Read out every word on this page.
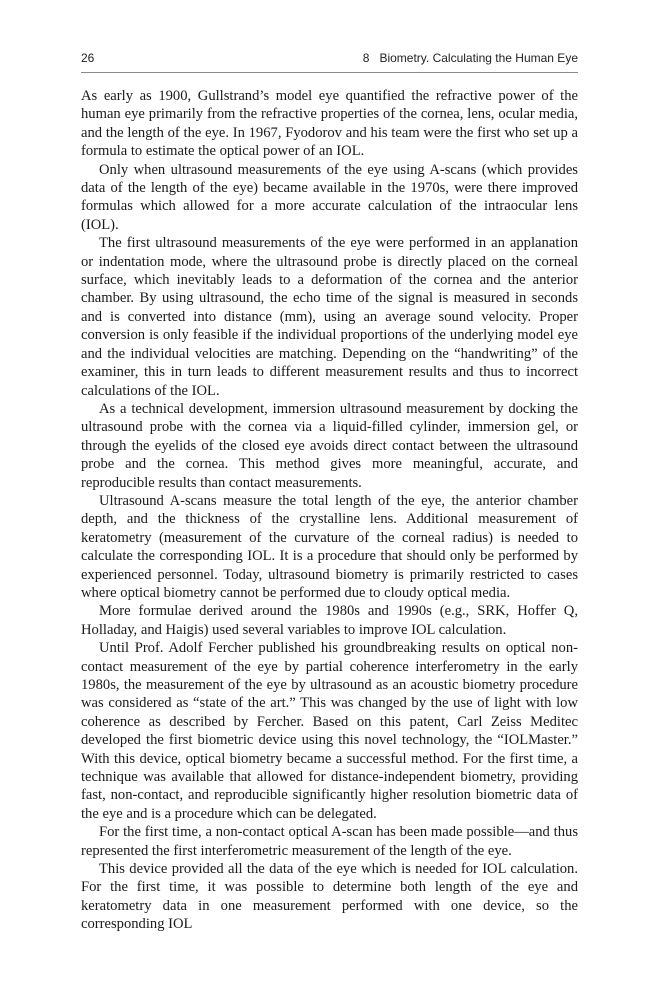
26	8 Biometry. Calculating the Human Eye

As early as 1900, Gullstrand’s model eye quantified the refractive power of the human eye primarily from the refractive properties of the cornea, lens, ocular media, and the length of the eye. In 1967, Fyodorov and his team were the first who set up a formula to estimate the optical power of an IOL.

Only when ultrasound measurements of the eye using A-scans (which provides data of the length of the eye) became available in the 1970s, were there improved formulas which allowed for a more accurate calculation of the intraocular lens (IOL).

The first ultrasound measurements of the eye were performed in an applanation or indentation mode, where the ultrasound probe is directly placed on the corneal surface, which inevitably leads to a deformation of the cornea and the anterior chamber. By using ultrasound, the echo time of the signal is measured in seconds and is converted into distance (mm), using an average sound velocity. Proper conversion is only feasible if the individual proportions of the underlying model eye and the individual velocities are matching. Depending on the “handwriting” of the examiner, this in turn leads to different measurement results and thus to incorrect calculations of the IOL.

As a technical development, immersion ultrasound measurement by docking the ultrasound probe with the cornea via a liquid-filled cylinder, immersion gel, or through the eyelids of the closed eye avoids direct contact between the ultrasound probe and the cornea. This method gives more meaningful, accurate, and reproducible results than contact measurements.

Ultrasound A-scans measure the total length of the eye, the anterior chamber depth, and the thickness of the crystalline lens. Additional measurement of keratometry (measurement of the curvature of the corneal radius) is needed to calculate the corresponding IOL. It is a procedure that should only be performed by experienced personnel. Today, ultrasound biometry is primarily restricted to cases where optical biometry cannot be performed due to cloudy optical media.

More formulae derived around the 1980s and 1990s (e.g., SRK, Hoffer Q, Holladay, and Haigis) used several variables to improve IOL calculation.

Until Prof. Adolf Fercher published his groundbreaking results on optical non-contact measurement of the eye by partial coherence interferometry in the early 1980s, the measurement of the eye by ultrasound as an acoustic biometry procedure was considered as “state of the art.” This was changed by the use of light with low coherence as described by Fercher. Based on this patent, Carl Zeiss Meditec developed the first biometric device using this novel technology, the “IOLMaster.” With this device, optical biometry became a successful method. For the first time, a technique was available that allowed for distance-independent biometry, providing fast, non-contact, and reproducible significantly higher resolution biometric data of the eye and is a procedure which can be delegated.

For the first time, a non-contact optical A-scan has been made possible—and thus represented the first interferometric measurement of the length of the eye.

This device provided all the data of the eye which is needed for IOL calculation. For the first time, it was possible to determine both length of the eye and keratometry data in one measurement performed with one device, so the corresponding IOL
